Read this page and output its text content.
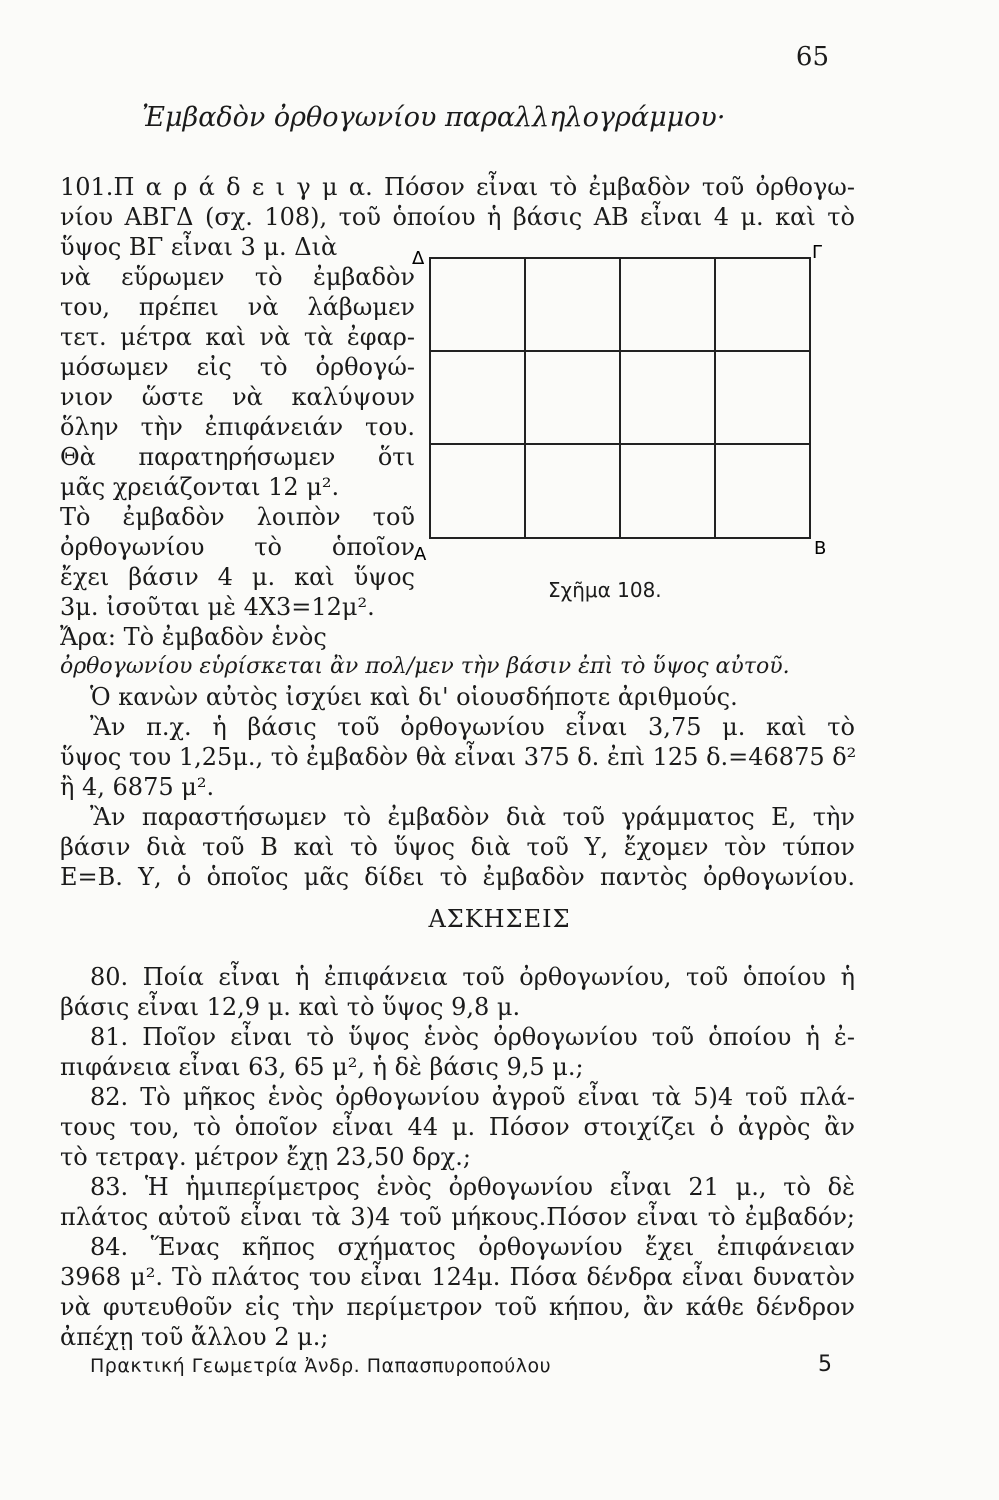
65
Ἐμβαδὸν ὀρθογωνίου παραλληλογράμμου·
101.Π α ρ ά δ ε ι γ μ α. Πόσον εἶναι τὸ ἐμβαδὸν τοῦ ὀρθογω-
νίου ΑΒΓΔ (σχ. 108), τοῦ ὁποίου ἡ βάσις ΑΒ εἶναι 4 μ. καὶ τὸ
ὕψος ΒΓ εἶναι 3 μ. Διὰ
νὰ εὕρωμεν τὸ ἐμβαδὸν
του, πρέπει νὰ λάβωμεν
τετ. μέτρα καὶ νὰ τὰ ἐφαρ-
μόσωμεν εἰς τὸ ὀρθογώ-
νιον ὥστε νὰ καλύψουν
ὅλην τὴν ἐπιφάνειάν του.
Θὰ παρατηρήσωμεν ὅτι
μᾶς χρειάζονται 12 μ².
Τὸ ἐμβαδὸν λοιπὸν τοῦ
ὀρθογωνίου τὸ ὁποῖον
ἔχει βάσιν 4 μ. καὶ ὕψος
3μ. ἰσοῦται μὲ 4Χ3=12μ².
Δ	Γ
Α	Β
Σχῆμα 108.
Ἄρα: Τὸ ἐμβαδὸν ἑνὸς
ὀρθογωνίου εὑρίσκεται ἂν πολ/μεν τὴν βάσιν ἐπὶ τὸ ὕψος αὐτοῦ.
Ὁ κανὼν αὐτὸς ἰσχύει καὶ δι' οἱουσδήποτε ἀριθμούς.
Ἂν π.χ. ἡ βάσις τοῦ ὀρθογωνίου εἶναι 3,75 μ. καὶ τὸ
ὕψος του 1,25μ., τὸ ἐμβαδὸν θὰ εἶναι 375 δ. ἐπὶ 125 δ.=46875 δ²
ἢ 4, 6875 μ².
Ἂν παραστήσωμεν τὸ ἐμβαδὸν διὰ τοῦ γράμματος Ε, τὴν
βάσιν διὰ τοῦ Β καὶ τὸ ὕψος διὰ τοῦ Υ, ἔχομεν τὸν τύπον
Ε=Β. Υ, ὁ ὁποῖος μᾶς δίδει τὸ ἐμβαδὸν παντὸς ὀρθογωνίου.
ΑΣΚΗΣΕΙΣ
80. Ποία εἶναι ἡ ἐπιφάνεια τοῦ ὀρθογωνίου, τοῦ ὁποίου ἡ
βάσις εἶναι 12,9 μ. καὶ τὸ ὕψος 9,8 μ.
81. Ποῖον εἶναι τὸ ὕψος ἑνὸς ὀρθογωνίου τοῦ ὁποίου ἡ ἐ-
πιφάνεια εἶναι 63, 65 μ², ἡ δὲ βάσις 9,5 μ.;
82. Τὸ μῆκος ἑνὸς ὀρθογωνίου ἀγροῦ εἶναι τὰ 5)4 τοῦ πλά-
τους του, τὸ ὁποῖον εἶναι 44 μ. Πόσον στοιχίζει ὁ ἀγρὸς ἂν
τὸ τετραγ. μέτρον ἔχῃ 23,50 δρχ.;
83. Ἡ ἡμιπερίμετρος ἑνὸς ὀρθογωνίου εἶναι 21 μ., τὸ δὲ
πλάτος αὐτοῦ εἶναι τὰ 3)4 τοῦ μήκους.Πόσον εἶναι τὸ ἐμβαδόν;
84. Ἕνας κῆπος σχήματος ὀρθογωνίου ἔχει ἐπιφάνειαν
3968 μ². Τὸ πλάτος του εἶναι 124μ. Πόσα δένδρα εἶναι δυνατὸν
νὰ φυτευθοῦν εἰς τὴν περίμετρον τοῦ κήπου, ἂν κάθε δένδρον
ἀπέχῃ τοῦ ἄλλου 2 μ.;
Πρακτική Γεωμετρία Ἀνδρ. Παπασπυροπούλου	5
